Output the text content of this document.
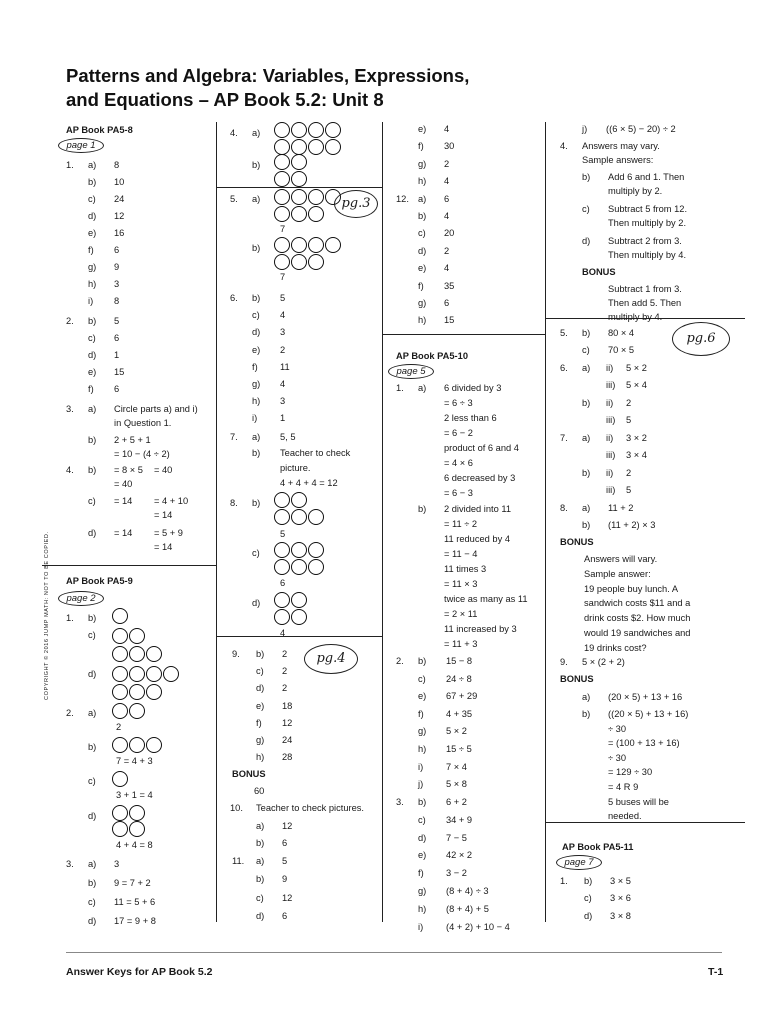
Patterns and Algebra: Variables, Expressions,
and Equations – AP Book 5.2: Unit 8
AP Book PA5-8
page 1
1. a) 8
b) 10
c) 24
d) 12
e) 16
f) 6
g) 9
h) 3
i) 8
2. b) 5
c) 6
d) 1
e) 15
f) 6
3. a) Circle parts a) and i)
in Question 1.
b) 2 + 5 + 1
= 10 − (4 ÷ 2)
4. b) = 8 × 5 = 40
= 40
c) = 14 = 4 + 10
= 14
d) = 14 = 5 + 9
= 14
AP Book PA5-9
page 2
1. b)
c)
d)
2. a)
2
b)
7 = 4 + 3
c)
3 + 1 = 4
d)
4 + 4 = 8
3. a) 3
b) 9 = 7 + 2
c) 11 = 5 + 6
d) 17 = 9 + 8
COPYRIGHT © 2016 JUMP MATH: NOT TO BE COPIED.
4. a)
b)
5. a)
7
pg.3
b)
7
6. b) 5
c) 4
d) 3
e) 2
f) 11
g) 4
h) 3
i) 1
7. a) 5, 5
b) Teacher to check
picture.
4 + 4 + 4 = 12
8. b)
5
c)
6
d)
4
pg.4
9. b) 2
c) 2
d) 2
e) 18
f) 12
g) 24
h) 28
BONUS
60
10. Teacher to check pictures.
a) 12
b) 6
11. a) 5
b) 9
c) 12
d) 6
e) 4
f) 30
g) 2
h) 4
12. a) 6
b) 4
c) 20
d) 2
e) 4
f) 35
g) 6
h) 15
AP Book PA5-10
page 5
1. a) 6 divided by 3
= 6 ÷ 3
2 less than 6
= 6 − 2
product of 6 and 4
= 4 × 6
6 decreased by 3
= 6 − 3
b) 2 divided into 11
= 11 ÷ 2
11 reduced by 4
= 11 − 4
11 times 3
= 11 × 3
twice as many as 11
= 2 × 11
11 increased by 3
= 11 + 3
2. b) 15 − 8
c) 24 ÷ 8
e) 67 + 29
f) 4 + 35
g) 5 × 2
h) 15 ÷ 5
i) 7 × 4
j) 5 × 8
3. b) 6 + 2
c) 34 + 9
d) 7 − 5
e) 42 × 2
f) 3 − 2
g) (8 + 4) ÷ 3
h) (8 + 4) + 5
i) (4 + 2) + 10 − 4
j) ((6 × 5) − 20) ÷ 2
4. Answers may vary.
Sample answers:
b) Add 6 and 1. Then
multiply by 2.
c) Subtract 5 from 12.
Then multiply by 2.
d) Subtract 2 from 3.
Then multiply by 4.
BONUS
Subtract 1 from 3.
Then add 5. Then
multiply by 4.
5. b) 80 × 4
c) 70 × 5
pg.6
6. a) ii) 5 × 2
iii) 5 × 4
b) ii) 2
iii) 5
7. a) ii) 3 × 2
iii) 3 × 4
b) ii) 2
iii) 5
8. a) 11 + 2
b) (11 + 2) × 3
BONUS
Answers will vary.
Sample answer:
19 people buy lunch. A
sandwich costs $11 and a
drink costs $2. How much
would 19 sandwiches and
19 drinks cost?
9. 5 × (2 + 2)
BONUS
a) (20 × 5) + 13 + 16
b) ((20 × 5) + 13 + 16)
÷ 30
= (100 + 13 + 16)
÷ 30
= 129 ÷ 30
= 4 R 9
5 buses will be
needed.
AP Book PA5-11
page 7
1. b) 3 × 5
c) 3 × 6
d) 3 × 8
Answer Keys for AP Book 5.2	T-1
